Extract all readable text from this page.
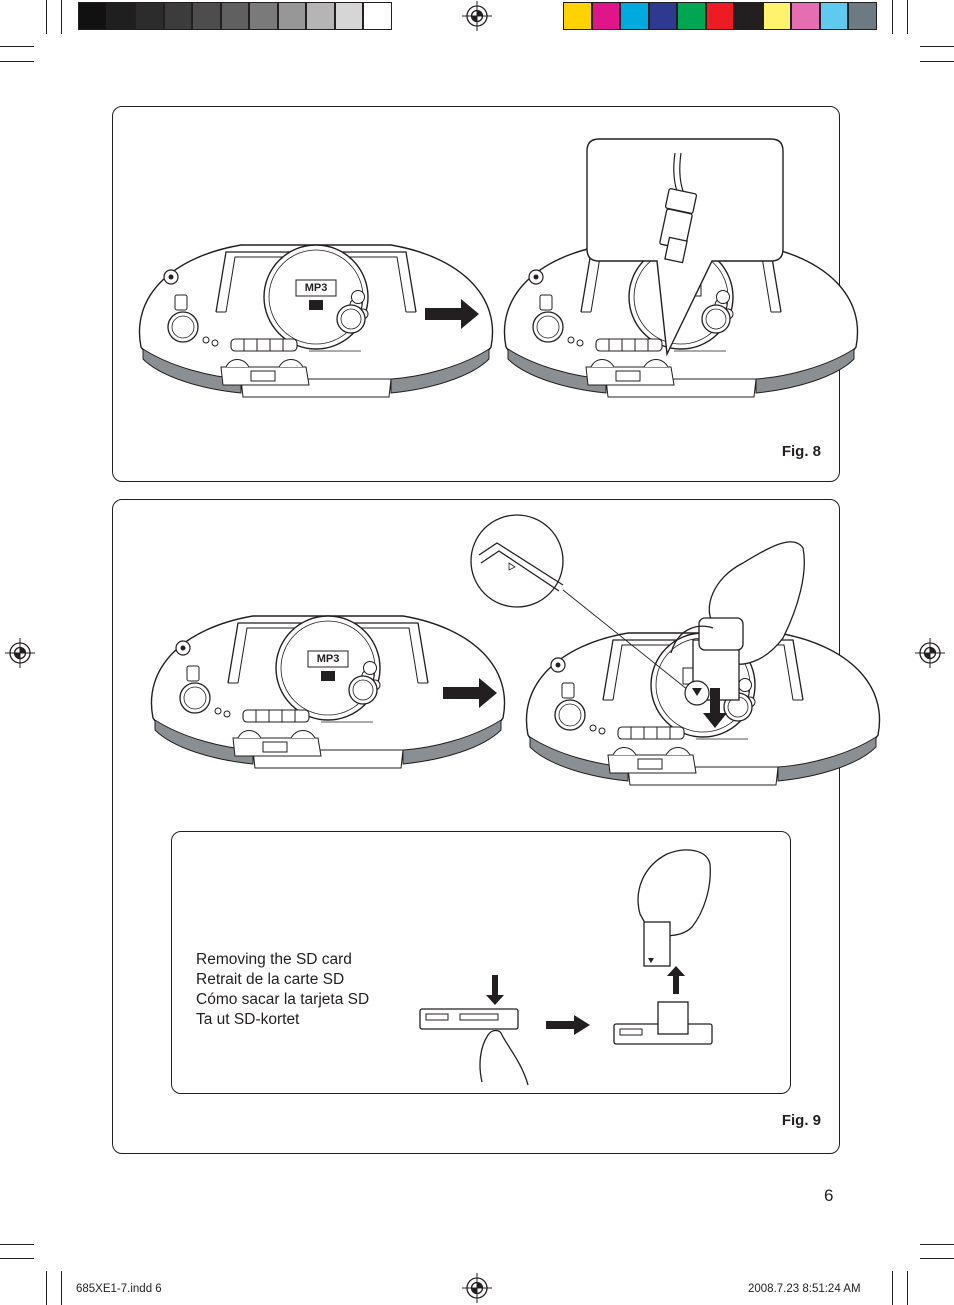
MP3
Fig. 8
MP3
Removing the SD card
Retrait de la carte SD
Cómo sacar la tarjeta SD
Ta ut SD-kortet
Fig. 9
6
685XE1-7.indd 6	2008.7.23 8:51:24 AM
